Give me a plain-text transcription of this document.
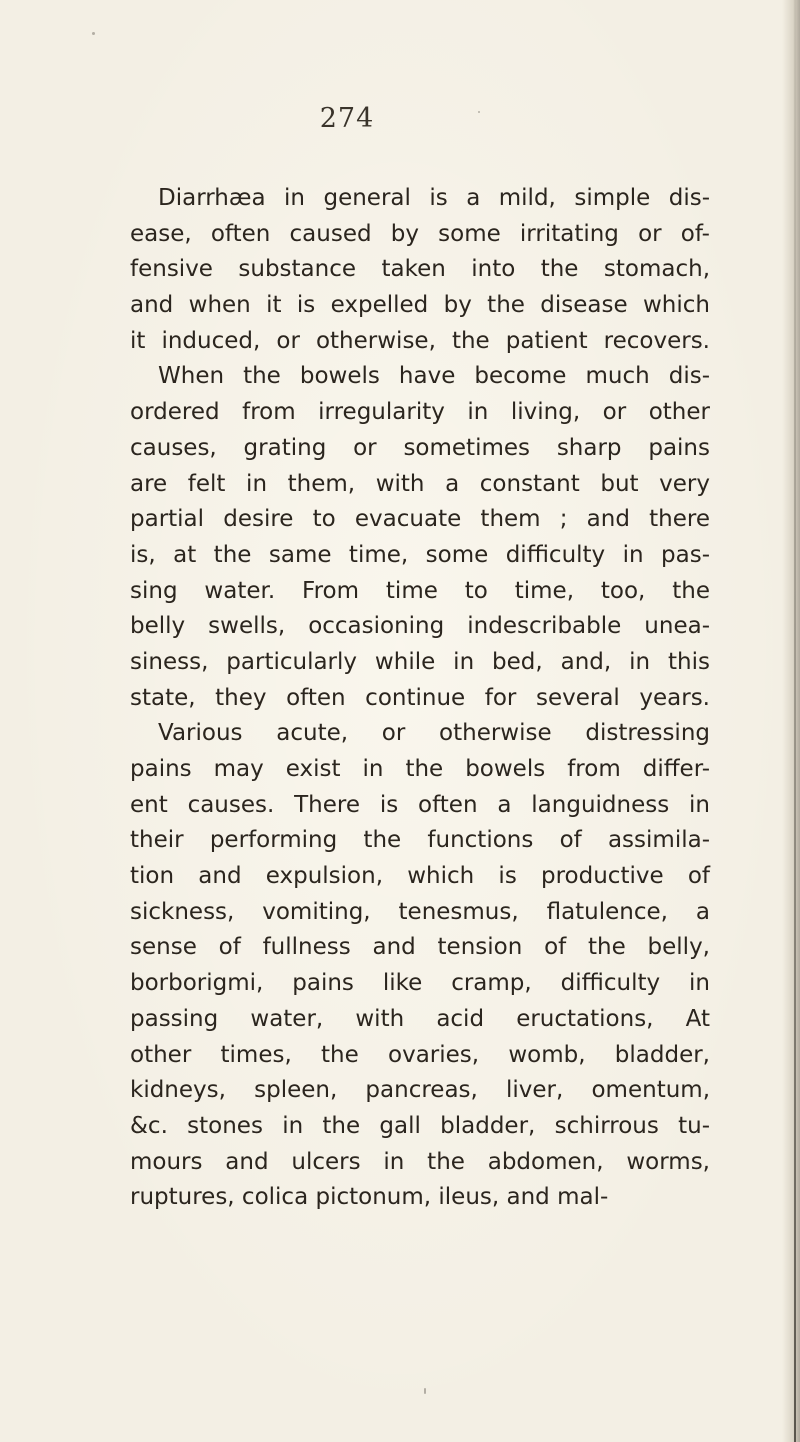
274
Diarrhæa in general is a mild, simple dis-
ease, often caused by some irritating or of-
fensive substance taken into the stomach,
and when it is expelled by the disease which
it induced, or otherwise, the patient recovers.
When the bowels have become much dis-
ordered from irregularity in living, or other
causes, grating or sometimes sharp pains
are felt in them, with a constant but very
partial desire to evacuate them ; and there
is, at the same time, some difficulty in pas-
sing water. From time to time, too, the
belly swells, occasioning indescribable unea-
siness, particularly while in bed, and, in this
state, they often continue for several years.
Various acute, or otherwise distressing
pains may exist in the bowels from differ-
ent causes. There is often a languidness in
their performing the functions of assimila-
tion and expulsion, which is productive of
sickness, vomiting, tenesmus, flatulence, a
sense of fullness and tension of the belly,
borborigmi, pains like cramp, difficulty in
passing water, with acid eructations, At
other times, the ovaries, womb, bladder,
kidneys, spleen, pancreas, liver, omentum,
&c. stones in the gall bladder, schirrous tu-
mours and ulcers in the abdomen, worms,
ruptures, colica pictonum, ileus, and mal-
